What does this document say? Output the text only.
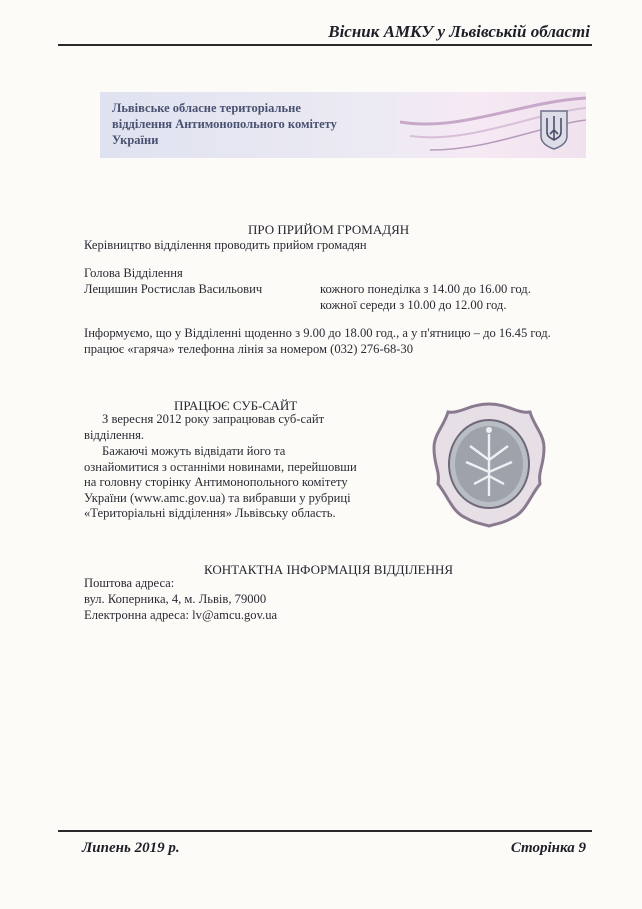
Вісник АМКУ у Львівській області
Львівське обласне територіальне
відділення Антимонопольного комітету
України
ПРО ПРИЙОМ ГРОМАДЯН
Керівництво відділення проводить прийом громадян
Голова Відділення
Лещишин Ростислав Васильович	кожного понеділка з 14.00 до 16.00 год.
кожної середи з 10.00 до 12.00 год.
Інформуємо, що у Відділенні щоденно з 9.00 до 18.00 год., а у п'ятницю – до 16.45 год.
працює «гаряча» телефонна лінія за номером (032) 276-68-30
ПРАЦЮЄ СУБ-САЙТ
З вересня 2012 року запрацював суб-сайт
відділення.
Бажаючі можуть відвідати його та
ознайомитися з останніми новинами, перейшовши
на головну сторінку Антимонопольного комітету
України (www.amc.gov.ua) та вибравши у рубриці
«Територіальні відділення» Львівську область.
КОНТАКТНА ІНФОРМАЦІЯ ВІДДІЛЕННЯ
Поштова адреса:
вул. Коперника, 4, м. Львів, 79000
Електронна адреса: lv@amcu.gov.ua
Липень 2019 р.	Сторінка 9
